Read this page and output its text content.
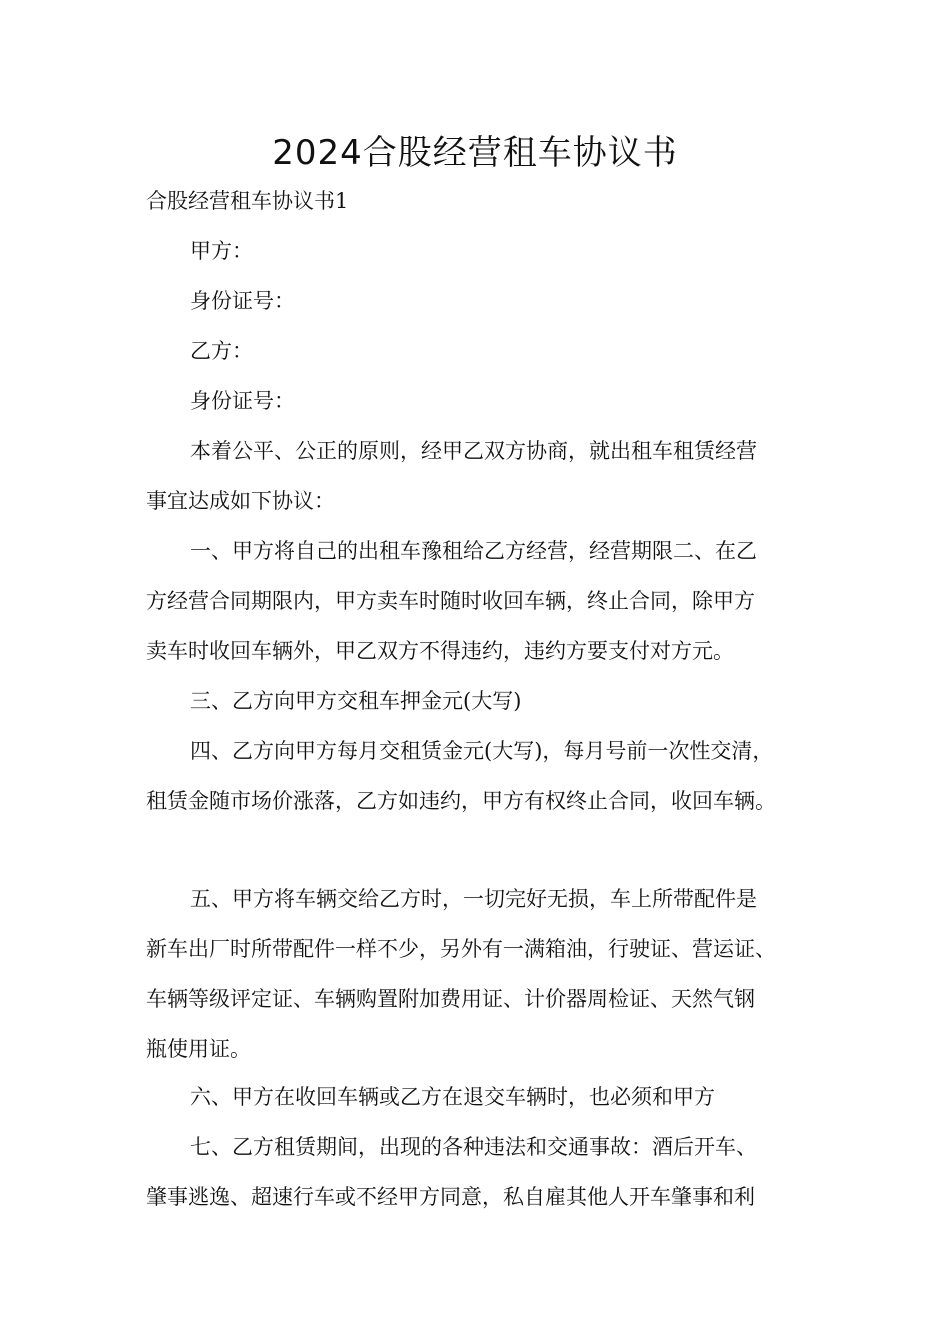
2024合股经营租车协议书

合股经营租车协议书1

甲方：

身份证号：

乙方：

身份证号：

本着公平、公正的原则，经甲乙双方协商，就出租车租赁经营

事宜达成如下协议：

一、甲方将自己的出租车豫租给乙方经营，经营期限二、在乙

方经营合同期限内，甲方卖车时随时收回车辆，终止合同，除甲方

卖车时收回车辆外，甲乙双方不得违约，违约方要支付对方元。

三、乙方向甲方交租车押金元(大写)

四、乙方向甲方每月交租赁金元(大写)，每月号前一次性交清，

租赁金随市场价涨落，乙方如违约，甲方有权终止合同，收回车辆。

五、甲方将车辆交给乙方时，一切完好无损，车上所带配件是

新车出厂时所带配件一样不少，另外有一满箱油，行驶证、营运证、

车辆等级评定证、车辆购置附加费用证、计价器周检证、天然气钢

瓶使用证。

六、甲方在收回车辆或乙方在退交车辆时，也必须和甲方

七、乙方租赁期间，出现的各种违法和交通事故：酒后开车、

肇事逃逸、超速行车或不经甲方同意，私自雇其他人开车肇事和利
